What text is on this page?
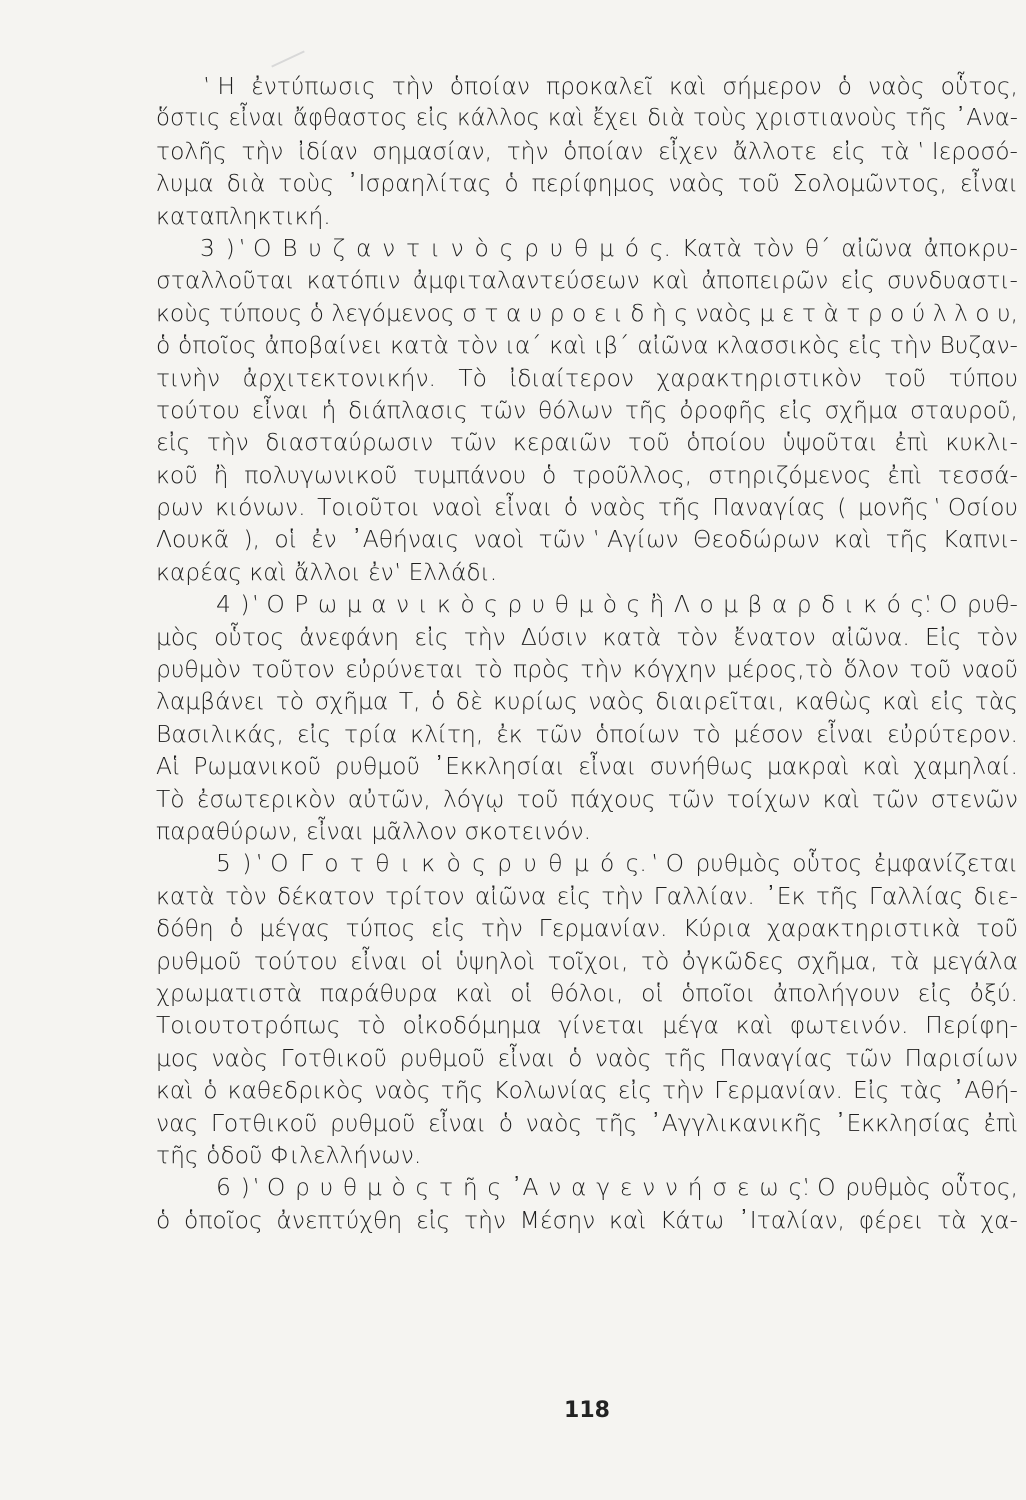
‛Η ἐντύπωσις τὴν ὁποίαν προκαλεῖ καὶ σήμερον ὁ ναὸς οὗτος,
ὅστις εἶναι ἄφθαστος εἰς κάλλος καὶ ἔχει διὰ τοὺς χριστιανοὺς τῆς ᾿Ανα-
τολῆς τὴν ἰδίαν σημασίαν, τὴν ὁποίαν εἶχεν ἄλλοτε εἰς τὰ ‛Ιεροσό-
λυμα διὰ τοὺς ᾿Ισραηλίτας ὁ περίφημος ναὸς τοῦ Σολομῶντος, εἶναι
καταπληκτική.
3 ) ‛Ο Β υ ζ α ν τ ι ν ὸ ς ρ υ θ μ ό ς. Κατὰ τὸν θ΄ αἰῶνα ἀποκρυ-
σταλλοῦται κατόπιν ἀμφιταλαντεύσεων καὶ ἀποπειρῶν εἰς συνδυαστι-
κοὺς τύπους ὁ λεγόμενος σ τ α υ ρ ο ε ι δ ὴ ς ναὸς μ ε τ ὰ τ ρ ο ύ λ λ ο υ,
ὁ ὁποῖος ἀποβαίνει κατὰ τὸν ια΄ καὶ ιβ΄ αἰῶνα κλασσικὸς εἰς τὴν Βυζαν-
τινὴν ἀρχιτεκτονικήν. Τὸ ἰδιαίτερον χαρακτηριστικὸν τοῦ τύπου
τούτου εἶναι ἡ διάπλασις τῶν θόλων τῆς ὀροφῆς εἰς σχῆμα σταυροῦ,
εἰς τὴν διασταύρωσιν τῶν κεραιῶν τοῦ ὁποίου ὑψοῦται ἐπὶ κυκλι-
κοῦ ἢ πολυγωνικοῦ τυμπάνου ὁ τροῦλλος, στηριζόμενος ἐπὶ τεσσά-
ρων κιόνων. Τοιοῦτοι ναοὶ εἶναι ὁ ναὸς τῆς Παναγίας ( μονῆς ‛Οσίου
Λουκᾶ ), οἱ ἐν ᾿Αθήναις ναοὶ τῶν ‛Αγίων Θεοδώρων καὶ τῆς Καπνι-
καρέας καὶ ἄλλοι ἐν ‛Ελλάδι.
4 ) ‛Ο Ρ ω μ α ν ι κ ὸ ς ρ υ θ μ ὸ ς ἢ Λ ο μ β α ρ δ ι κ ό ς.‛Ο ρυθ-
μὸς οὗτος ἀνεφάνη εἰς τὴν Δύσιν κατὰ τὸν ἔνατον αἰῶνα. Εἰς τὸν
ρυθμὸν τοῦτον εὐρύνεται τὸ πρὸς τὴν κόγχην μέρος,τὸ ὅλον τοῦ ναοῦ
λαμβάνει τὸ σχῆμα Τ, ὁ δὲ κυρίως ναὸς διαιρεῖται, καθὼς καὶ εἰς τὰς
Βασιλικάς, εἰς τρία κλίτη, ἐκ τῶν ὁποίων τὸ μέσον εἶναι εὐρύτερον.
Αἱ Ρωμανικοῦ ρυθμοῦ ᾿Εκκλησίαι εἶναι συνήθως μακραὶ καὶ χαμηλαί.
Τὸ ἐσωτερικὸν αὐτῶν, λόγῳ τοῦ πάχους τῶν τοίχων καὶ τῶν στενῶν
παραθύρων, εἶναι μᾶλλον σκοτεινόν.
5 ) ‛Ο Γ ο τ θ ι κ ὸ ς ρ υ θ μ ό ς. ‛Ο ρυθμὸς οὗτος ἐμφανίζεται
κατὰ τὸν δέκατον τρίτον αἰῶνα εἰς τὴν Γαλλίαν. ᾿Εκ τῆς Γαλλίας διε-
δόθη ὁ μέγας τύπος εἰς τὴν Γερμανίαν. Κύρια χαρακτηριστικὰ τοῦ
ρυθμοῦ τούτου εἶναι οἱ ὑψηλοὶ τοῖχοι, τὸ ὀγκῶδες σχῆμα, τὰ μεγάλα
χρωματιστὰ παράθυρα καὶ οἱ θόλοι, οἱ ὁποῖοι ἀπολήγουν εἰς ὀξύ.
Τοιουτοτρόπως τὸ οἰκοδόμημα γίνεται μέγα καὶ φωτεινόν. Περίφη-
μος ναὸς Γοτθικοῦ ρυθμοῦ εἶναι ὁ ναὸς τῆς Παναγίας τῶν Παρισίων
καὶ ὁ καθεδρικὸς ναὸς τῆς Κολωνίας εἰς τὴν Γερμανίαν. Εἰς τὰς ᾿Αθή-
νας Γοτθικοῦ ρυθμοῦ εἶναι ὁ ναὸς τῆς ᾿Αγγλικανικῆς ᾿Εκκλησίας ἐπὶ
τῆς ὁδοῦ Φιλελλήνων.
6 ) ‛Ο ρ υ θ μ ὸ ς τ ῆ ς ᾿Α ν α γ ε ν ν ή σ ε ω ς.‛Ο ρυθμὸς οὗτος,
ὁ ὁποῖος ἀνεπτύχθη εἰς τὴν Μέσην καὶ Κάτω ᾿Ιταλίαν, φέρει τὰ χα-
118
